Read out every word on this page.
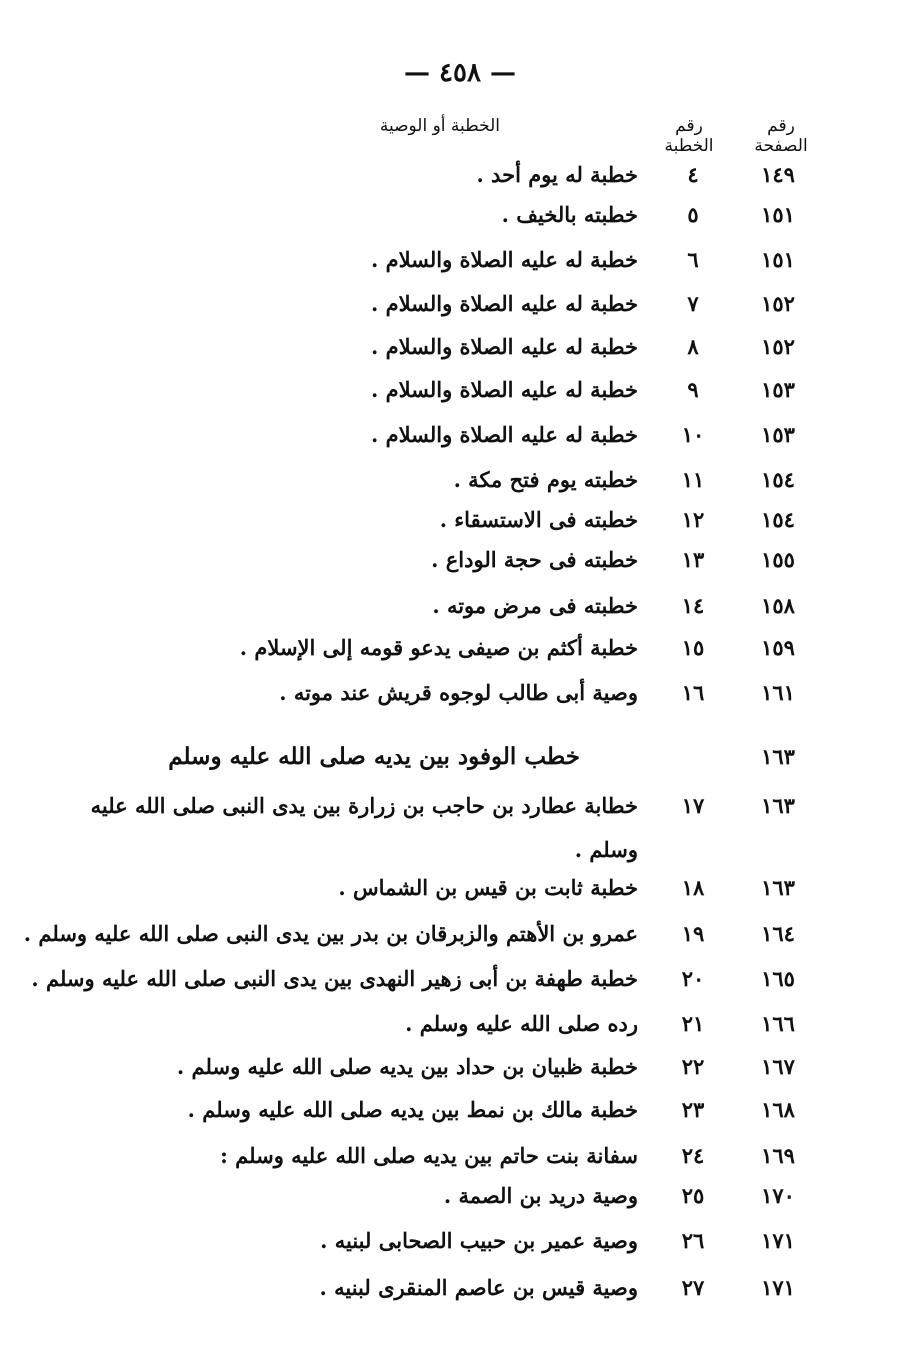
— ٤٥٨ —
رقم الصفحة
رقم الخطبة
الخطبة أو الوصية
١٤٩
٤
خطبة له يوم أحد .
١٥١
٥
خطبته بالخيف .
١٥١
٦
خطبة له عليه الصلاة والسلام .
١٥٢
٧
خطبة له عليه الصلاة والسلام .
١٥٢
٨
خطبة له عليه الصلاة والسلام .
١٥٣
٩
خطبة له عليه الصلاة والسلام .
١٥٣
١٠
خطبة له عليه الصلاة والسلام .
١٥٤
١١
خطبته يوم فتح مكة .
١٥٤
١٢
خطبته فى الاستسقاء .
١٥٥
١٣
خطبته فى حجة الوداع .
١٥٨
١٤
خطبته فى مرض موته .
١٥٩
١٥
خطبة أكثم بن صيفى يدعو قومه إلى الإسلام .
١٦١
١٦
وصية أبى طالب لوجوه قريش عند موته .
١٦٣
خطب الوفود بين يديه صلى الله عليه وسلم
١٦٣
١٧
خطابة عطارد بن حاجب بن زرارة بين يدى النبى صلى الله عليه وسلم .
١٦٣
١٨
خطبة ثابت بن قيس بن الشماس .
١٦٤
١٩
عمرو بن الأهتم والزبرقان بن بدر بين يدى النبى صلى الله عليه وسلم .
١٦٥
٢٠
خطبة طهفة بن أبى زهير النهدى بين يدى النبى صلى الله عليه وسلم .
١٦٦
٢١
رده صلى الله عليه وسلم .
١٦٧
٢٢
خطبة ظبيان بن حداد بين يديه صلى الله عليه وسلم .
١٦٨
٢٣
خطبة مالك بن نمط بين يديه صلى الله عليه وسلم .
١٦٩
٢٤
سفانة بنت حاتم بين يديه صلى الله عليه وسلم :
١٧٠
٢٥
وصية دريد بن الصمة .
١٧١
٢٦
وصية عمير بن حبيب الصحابى لبنيه .
١٧١
٢٧
وصية قيس بن عاصم المنقرى لبنيه .
